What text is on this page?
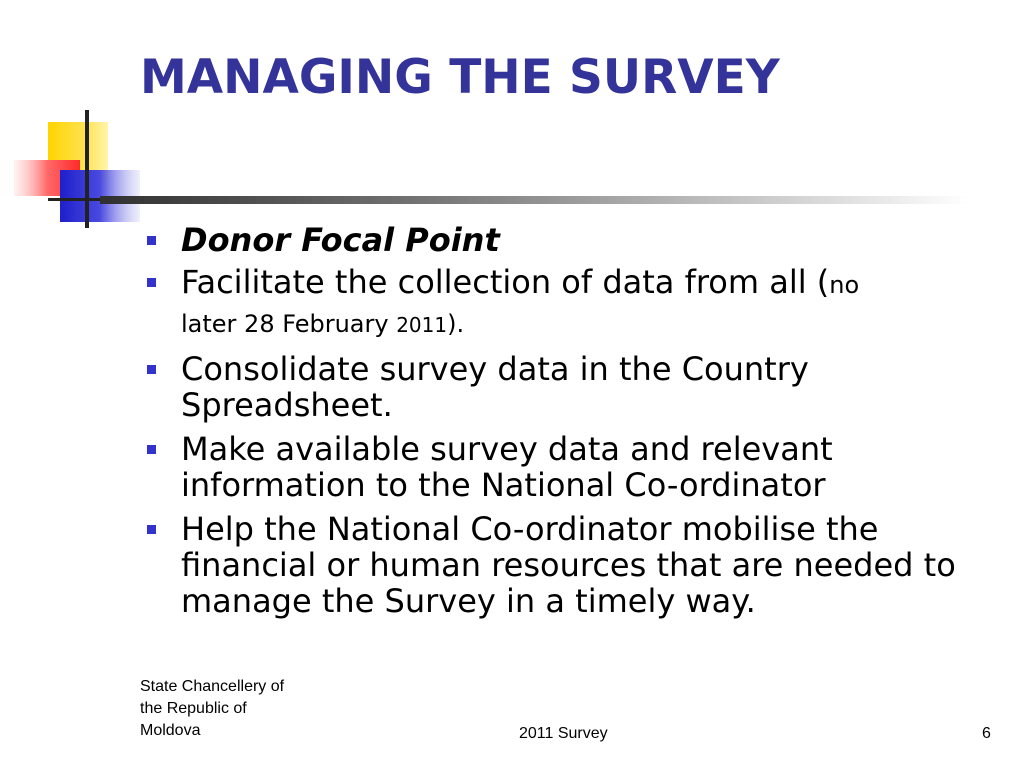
MANAGING THE SURVEY
Donor Focal Point
Facilitate the collection of data from all (no
later 28 February 2011).
Consolidate survey data in the Country Spreadsheet.
Make available survey data and relevant information to the National Co-ordinator
Help the National Co-ordinator mobilise the financial or human resources that are needed to manage the Survey in a timely way.
State Chancellery of
the Republic of
Moldova	2011 Survey	6
